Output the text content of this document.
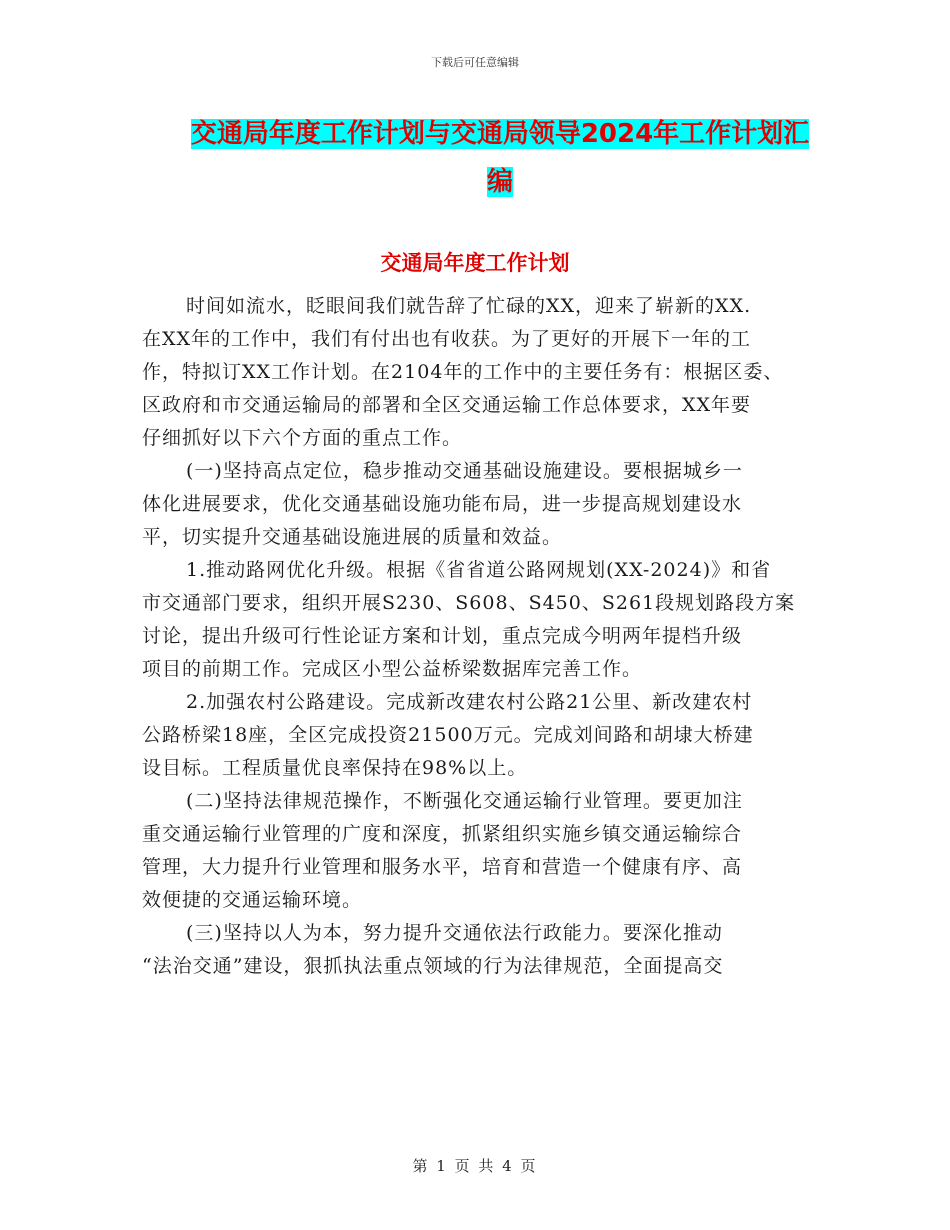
下载后可任意编辑
交通局年度工作计划与交通局领导2024年工作计划汇
编
交通局年度工作计划
时间如流水，眨眼间我们就告辞了忙碌的XX，迎来了崭新的XX.
在XX年的工作中，我们有付出也有收获。为了更好的开展下一年的工
作，特拟订XX工作计划。在2104年的工作中的主要任务有：根据区委、
区政府和市交通运输局的部署和全区交通运输工作总体要求，XX年要
仔细抓好以下六个方面的重点工作。
(一)坚持高点定位，稳步推动交通基础设施建设。要根据城乡一
体化进展要求，优化交通基础设施功能布局，进一步提高规划建设水
平，切实提升交通基础设施进展的质量和效益。
1.推动路网优化升级。根据《省省道公路网规划(XX-2024)》和省
市交通部门要求，组织开展S230、S608、S450、S261段规划路段方案
讨论，提出升级可行性论证方案和计划，重点完成今明两年提档升级
项目的前期工作。完成区小型公益桥梁数据库完善工作。
2.加强农村公路建设。完成新改建农村公路21公里、新改建农村
公路桥梁18座，全区完成投资21500万元。完成刘间路和胡埭大桥建
设目标。工程质量优良率保持在98%以上。
(二)坚持法律规范操作，不断强化交通运输行业管理。要更加注
重交通运输行业管理的广度和深度，抓紧组织实施乡镇交通运输综合
管理，大力提升行业管理和服务水平，培育和营造一个健康有序、高
效便捷的交通运输环境。
(三)坚持以人为本，努力提升交通依法行政能力。要深化推动
“法治交通”建设，狠抓执法重点领域的行为法律规范，全面提高交
第 1 页 共 4 页
